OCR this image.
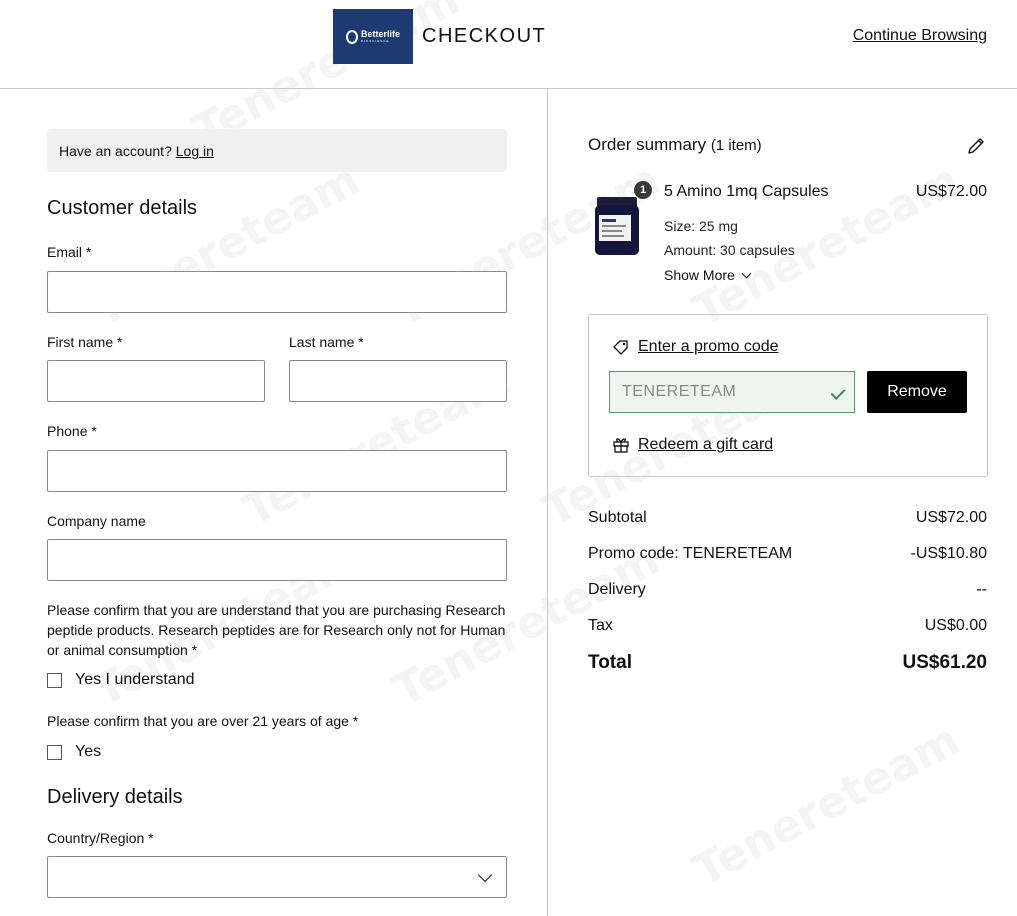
Betterlife
BIOSCIENCE	CHECKOUT	Continue Browsing
Have an account? Log in
Customer details
Email *
First name *	Last name *
Phone *
Company name
Please confirm that you are understand that you are purchasing Research peptide products. Research peptides are for Research only not for Human or animal consumption *
Yes I understand
Please confirm that you are over 21 years of age *
Yes
Delivery details
Country/Region *
Order summary (1 item)
1	5 Amino 1mq Capsules	US$72.00
Size: 25 mg
Amount: 30 capsules
Show More
Enter a promo code
TENERETEAM	Remove
Redeem a gift card
Subtotal	US$72.00
Promo code: TENERETEAM	-US$10.80
Delivery	--
Tax	US$0.00
Total	US$61.20
